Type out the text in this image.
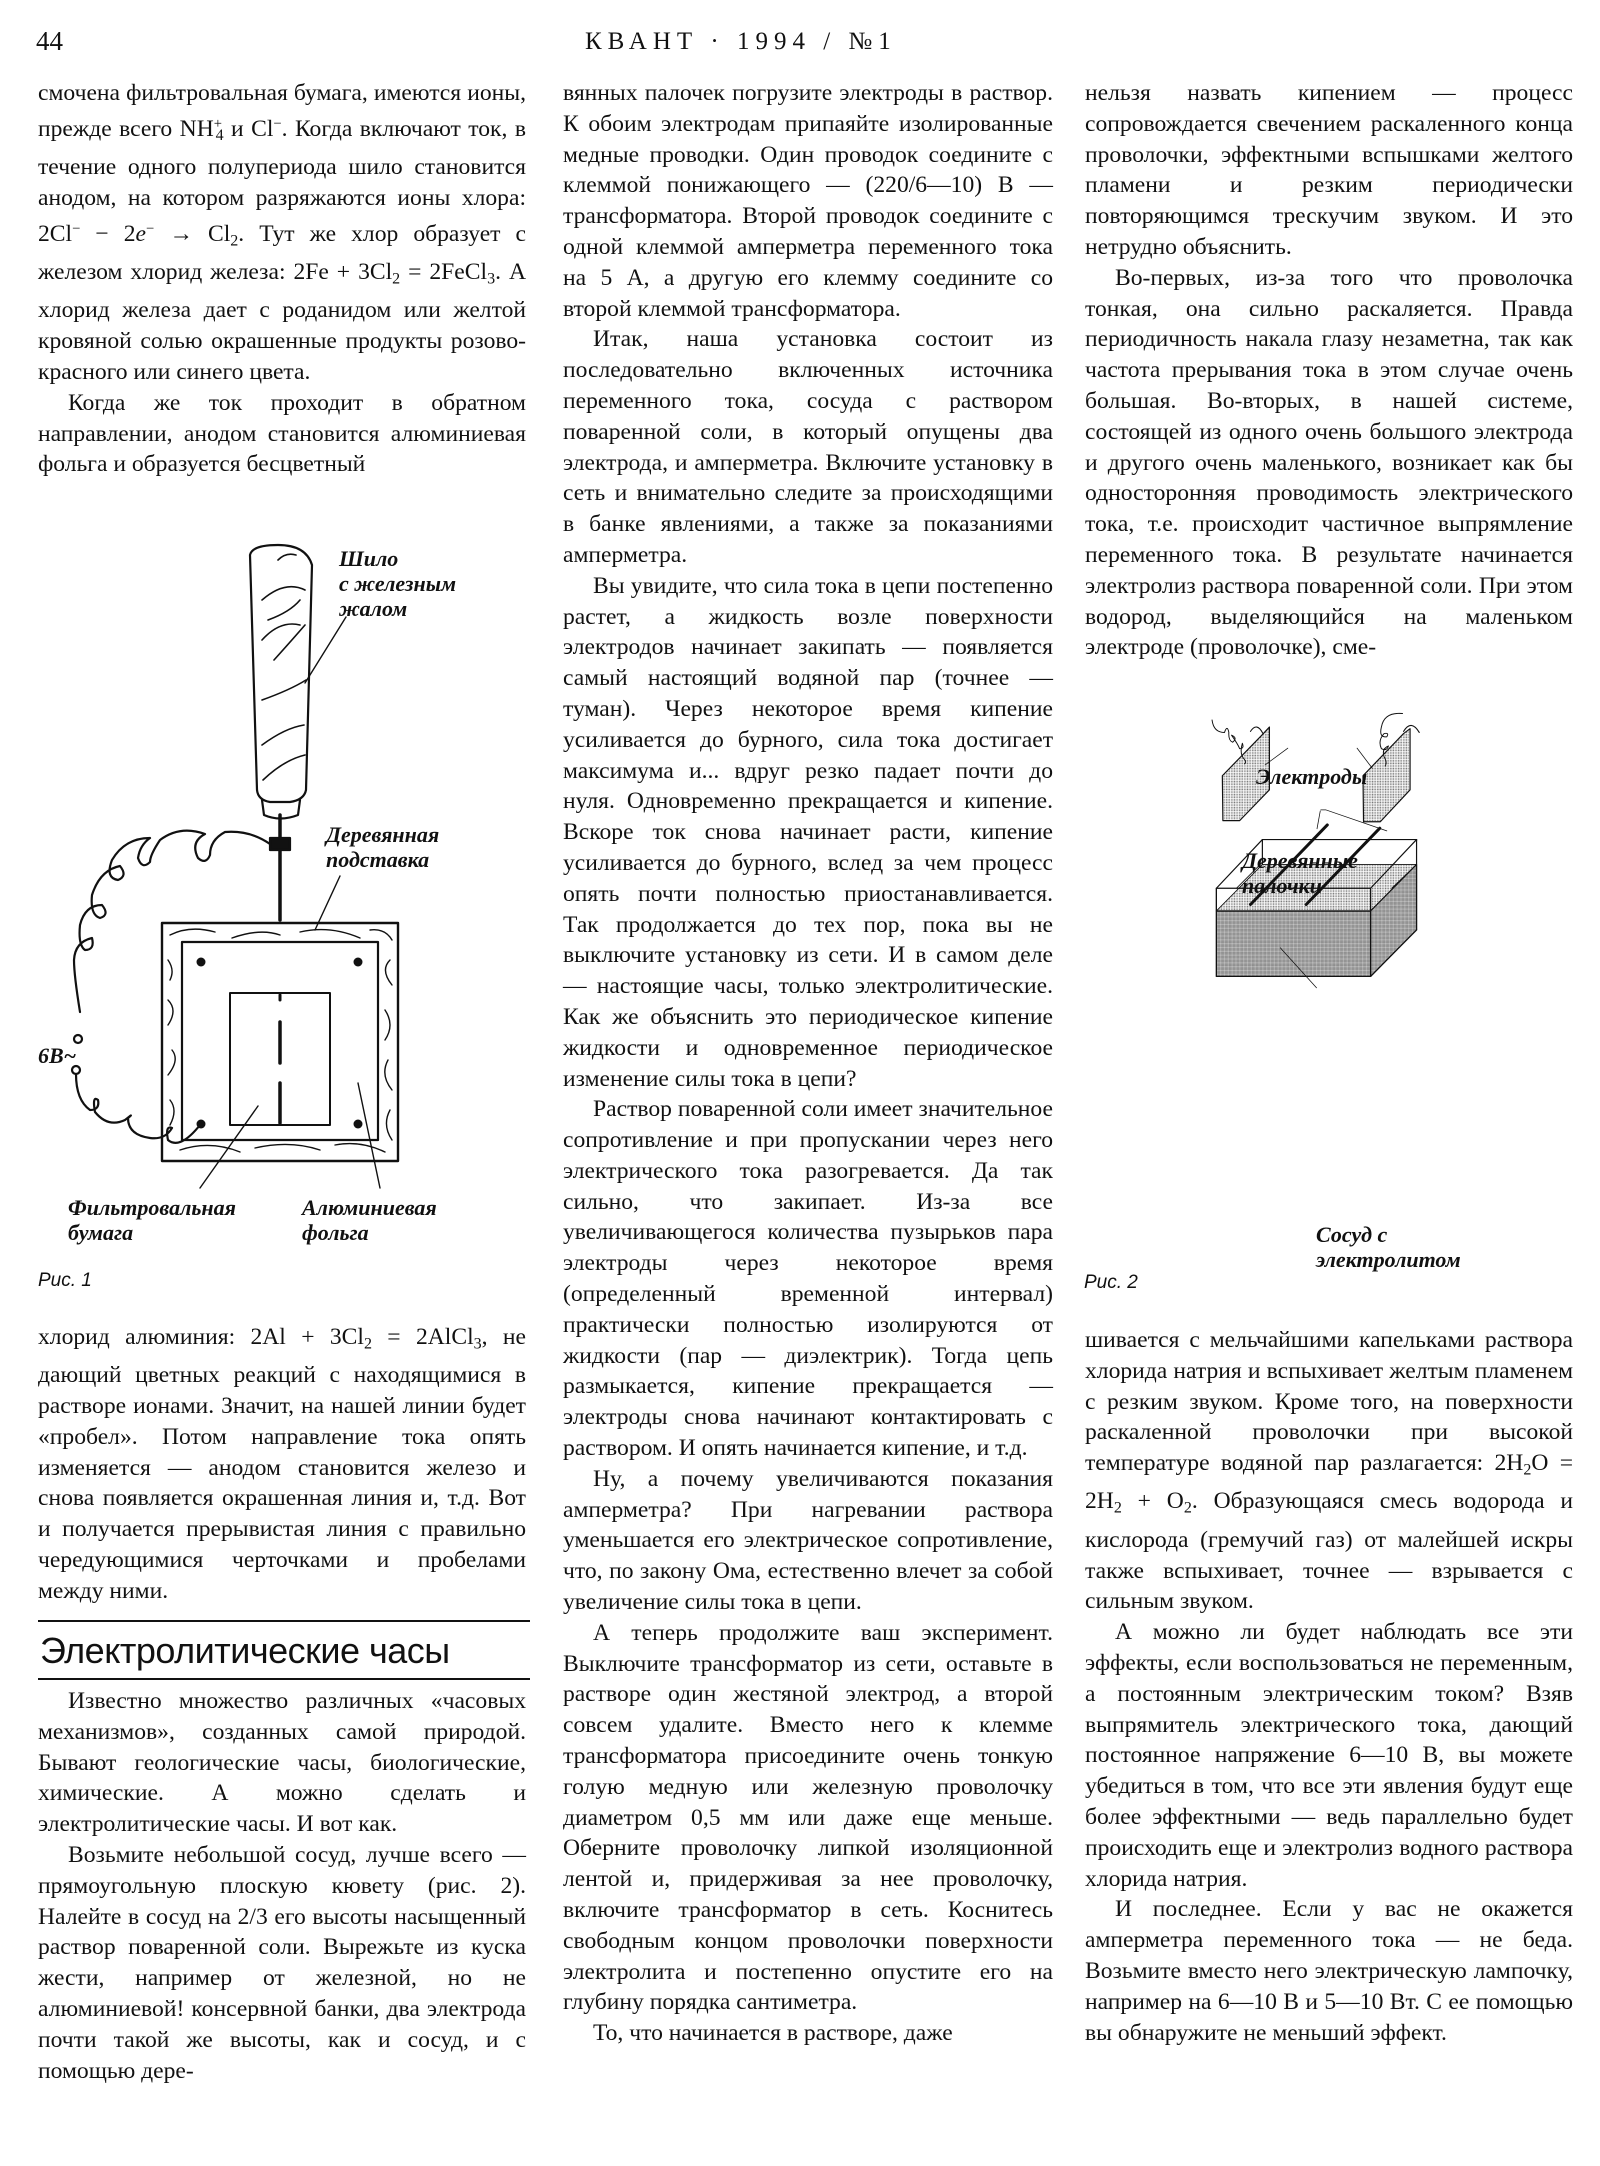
44	КВАНТ · 1994 / №1

смочена фильтровальная бумага, имеются ионы, прежде всего $NH^+_4$ и Cl−. Когда включают ток, в течение одного полупериода шило становится анодом, на котором разряжаются ионы хлора: $2Cl^- - 2e^- \to Cl_2$. Тут же хлор образует с железом хлорид железа: $2Fe + 3Cl_2$ = 2FeCl$_3$. А хлорид железа дает с роданидом или желтой кровяной солью окрашенные продукты розово-красного или синего цвета.

Когда же ток проходит в обратном направлении, анодом становится алюминиевая фольга и образуется бесцветный

Шило
с железным
жалом
Деревянная
подставка
6В~
Фильтровальная
бумага
Алюминиевая
фольга
Рис. 1

хлорид алюминия: $2Al + 3Cl_2$ = 2AlCl$_3$, не дающий цветных реакций с находящимися в растворе ионами. Значит, на нашей линии будет «пробел». Потом направление тока опять изменяется — анодом становится железо и снова появляется окрашенная линия и, т.д. Вот и получается прерывистая линия с правильно чередующимися черточками и пробелами между ними.

Электролитические часы

Известно множество различных «часовых механизмов», созданных самой природой. Бывают геологические часы, биологические, химические. А можно сделать и электролитические часы. И вот как.

Возьмите небольшой сосуд, лучше всего — прямоугольную плоскую кювету (рис. 2). Налейте в сосуд на 2/3 его высоты насыщенный раствор поваренной соли. Вырежьте из куска жести, например от железной, но не алюминиевой! консервной банки, два электрода почти такой же высоты, как и сосуд, и с помощью дере-

вянных палочек погрузите электроды в раствор. К обоим электродам припаяйте изолированные медные проводки. Один проводок соедините с клеммой понижающего — (220/6—10) В — трансформатора. Второй проводок соедините с одной клеммой амперметра переменного тока на 5 А, а другую его клемму соедините со второй клеммой трансформатора.

Итак, наша установка состоит из последовательно включенных источника переменного тока, сосуда с раствором поваренной соли, в который опущены два электрода, и амперметра. Включите установку в сеть и внимательно следите за происходящими в банке явлениями, а также за показаниями амперметра.

Вы увидите, что сила тока в цепи постепенно растет, а жидкость возле поверхности электродов начинает закипать — появляется самый настоящий водяной пар (точнее — туман). Через некоторое время кипение усиливается до бурного, сила тока достигает максимума и... вдруг резко падает почти до нуля. Одновременно прекращается и кипение. Вскоре ток снова начинает расти, кипение усиливается до бурного, вслед за чем процесс опять почти полностью приостанавливается. Так продолжается до тех пор, пока вы не выключите установку из сети. И в самом деле — настоящие часы, только электролитические. Как же объяснить это периодическое кипение жидкости и одновременное периодическое изменение силы тока в цепи?

Раствор поваренной соли имеет значительное сопротивление и при пропускании через него электрического тока разогревается. Да так сильно, что закипает. Из-за все увеличивающегося количества пузырьков пара электроды через некоторое время (определенный временной интервал) практически полностью изолируются от жидкости (пар — диэлектрик). Тогда цепь размыкается, кипение прекращается — электроды снова начинают контактировать с раствором. И опять начинается кипение, и т.д.

Ну, а почему увеличиваются показания амперметра? При нагревании раствора уменьшается его электрическое сопротивление, что, по закону Ома, естественно влечет за собой увеличение силы тока в цепи.

А теперь продолжите ваш эксперимент. Выключите трансформатор из сети, оставьте в растворе один жестяной электрод, а второй совсем удалите. Вместо него к клемме трансформатора присоедините очень тонкую голую медную или железную проволочку диаметром 0,5 мм или даже еще меньше. Оберните проволочку липкой изоляционной лентой и, придерживая за нее проволочку, включите трансформатор в сеть. Коснитесь свободным концом проволочки поверхности электролита и постепенно опустите его на глубину порядка сантиметра.

То, что начинается в растворе, даже

нельзя назвать кипением — процесс сопровождается свечением раскаленного конца проволочки, эффектными вспышками желтого пламени и резким периодически повторяющимся трескучим звуком. И это нетрудно объяснить.

Во-первых, из-за того что проволочка тонкая, она сильно раскаляется. Правда периодичность накала глазу незаметна, так как частота прерывания тока в этом случае очень большая. Во-вторых, в нашей системе, состоящей из одного очень большого электрода и другого очень маленького, возникает как бы односторонняя проводимость электрического тока, т.е. происходит частичное выпрямление переменного тока. В результате начинается электролиз раствора поваренной соли. При этом водород, выделяющийся на маленьком электроде (проволочке), сме-

Электроды
Деревянные
палочки
Сосуд с
электролитом
Рис. 2

шивается с мельчайшими капельками раствора хлорида натрия и вспыхивает желтым пламенем с резким звуком. Кроме того, на поверхности раскаленной проволочки при высокой температуре водяной пар разлагается: $2H_2O = 2H_2 + O_2$. Образующаяся смесь водорода и кислорода (гремучий газ) от малейшей искры также вспыхивает, точнее — взрывается с сильным звуком.

А можно ли будет наблюдать все эти эффекты, если воспользоваться не переменным, а постоянным электрическим током? Взяв выпрямитель электрического тока, дающий постоянное напряжение 6—10 В, вы можете убедиться в том, что все эти явления будут еще более эффектными — ведь параллельно будет происходить еще и электролиз водного раствора хлорида натрия.

И последнее. Если у вас не окажется амперметра переменного тока — не беда. Возьмите вместо него электрическую лампочку, например на 6—10 В и 5—10 Вт. С ее помощью вы обнаружите не меньший эффект.
